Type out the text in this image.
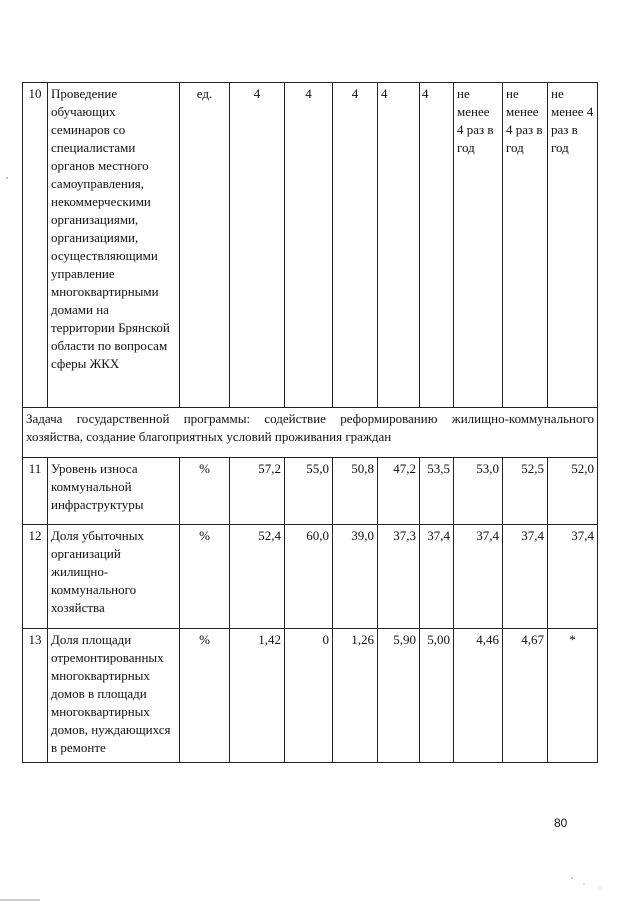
10	Проведение обучающих семинаров со специалистами органов местного самоуправления, некоммерческими организациями, организациями, осуществляющими управление многоквартирными домами на территории Брянской области по вопросам сферы ЖКХ	ед.	4	4	4	4	4	не менее 4 раз в год	не менее 4 раз в год	не менее 4 раз в год
Задача государственной программы: содействие реформированию жилищно-коммунального хозяйства, создание благоприятных условий проживания граждан										
11	Уровень износа коммунальной инфраструктуры	%	57,2	55,0	50,8	47,2	53,5	53,0	52,5	52,0
12	Доля убыточных организаций жилищно-коммунального хозяйства	%	52,4	60,0	39,0	37,3	37,4	37,4	37,4	37,4
13	Доля площади отремонтированных многоквартирных домов в площади многоквартирных домов, нуждающихся в ремонте	%	1,42	0	1,26	5,90	5,00	4,46	4,67	*
80
